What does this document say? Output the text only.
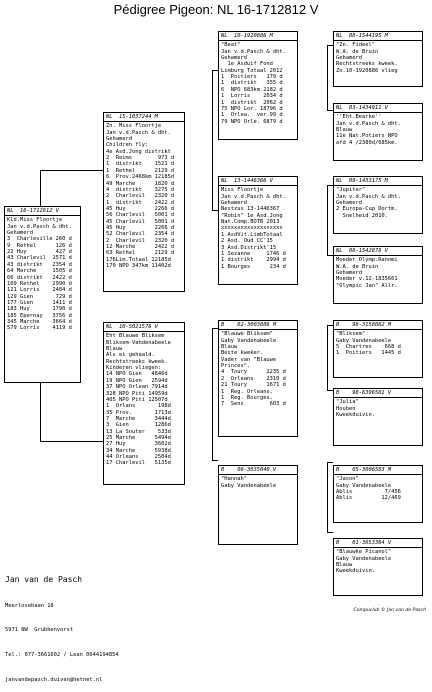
Pédigree Pigeon: NL 16-1712812 V
NL  16-1712812 V
Kld.Miss Floortje
Jan v.d.Pasch & dht.
Gehamerd
3  Charleville 260 d
9  Rethel      126 d
22 Huy         427 d
43 Charlevil  1571 d
43 distrikt   2354 d
64 Marche     1505 d
66 distrikt   2422 d
109 Rethel    2990 d
121 Lorris    2404 d
129 Gien       729 d
177 Gien      1411 d
183 Huy       1790 d
185 Epernay   3756 d
345 Marche    3664 d
579 Lorris    4119 d
NL  15-1037244 M
Zn. Miss Floortje
Jan v.d.Pasch & dht.
Gehamerd
Children fly:
4e Asd.Jong distrikt
2  Reims        973 d
1  distrikt    1521 d
1  Rethel      2129 d
6  Prov.2468km 12185d
49 Marche      1820 d
4  distrikt    3275 d
2  Charlevil   2320 d
1  distrikt    2422 d
45 Huy         2266 d
56 Charlevil   5001 d
45 Charlevil   5001 d
45 Huy         2266 d
52 Charlevil   2354 d
2  Charlevil   2320 d
12 Marche      2422 d
63 Rethel      2129 d
176Lim.Totaal 12185d
170 NPO 347km 11402d
NL  10-5021576 V
Eht Blauwe Bliksem
Bliksem-Vandenabeele
Blauw
Als ei gehaald.
Rechtstreeks kweek.
Kinderen vliegen:
14 NPO Gien   4846d
19 NPO Gien   2594d
37 NPO Orlean 7914d
328 NPO Piti 14959d
405 NPO Piti 12507d
1  Orlans       198d
35 Prov.       1713d
7  Marche      3444d
3  Gien        1286d
13 La Souter    533d
25 Marche      5494d
27 Huy         3602d
34 Marche      5938d
44 Orleans     2504d
17 Charlevil   5135d
NL  10-1920886 M
"Beat"
Jan v.d.Pasch & dht.
Gehamerd
1e Asduif Fond
Limburg Totaal 2012
1  Poitiers   179 d
1  distrikt   355 d
6  NPO 683km 2182 d
1  Lorris    2034 d
1  distrikt  2062 d
75 NPO Lor. 18796 d
1  Orlea.  ver.99 d
79 NPO Orle. 6879 d
NL  13-1446366 V
Miss Floortje
Jan v.d.Pasch & dht.
Gehamerd
Nestzus 13-1446367
"Robin" 1e Asd.Jong
Nat.Comp.BOTB 2013
xxxxxxxxxxxxxxxxxxx
1 AsdVit.LimbTotaal
2 Asd. Oud CC'15
3 Asd.Distrikt'15
1 Sezanne     1746 d
1 distrikt    2994 d
1 Bourges      234 d
B    02-3003886 M
"Blauwe Bliksem"
Gaby Vandenabeele
Blauw
Beste kweker.
Vader van "Blauwe
Princes".
4  Toury      2235 d
2  Orleans    2310 d
21 Toury      1671 d
1  Reg. Orleans.
1  Reg. Bourges.
7  Sens        603 d
B    08-3035040 V
"Hannah"
Gaby Vandenabeele
NL  08-1544195 M
"Zn. Fideel"
W.A. de Bruin
Gehamerd
Rechtstreeks kweek.
Zn.10-1920886 vlieg
NL  03-1434911 V
''Eht.Bearke''
Jan v.d.Pasch & dht.
Blauw
11e Nat.Potiers NPO
afd 4 /2380d/685km.
NL  09-1433175 M
"Jupiter"
Jan v.d.Pasch & dht.
Gehamerd
2 Europa-Cup Dortm.
Snelheid 2010.
NL  08-1542878 V
Moeder Olymp.Ranomi
W.A. de Bruin
Gehamerd
Moeder v.12-1835661
"Olympic Jan" Allr.
B    98-3158062 M
"Bliksem"
Gaby Vandenabeele
5  Chartres    668 d
1  Poitiers   1445 d
B    98-6396501 V
"Julia"
Houben
Kweekduivin.
B    05-3006503 M
"Jason"
Gaby Vandenabeele
Ablis          7/456
Ablis         12/469
B    01-3053364 V
"Blauwke Picanol"
Gaby Vandenabeele
Blauw
Kweekduivin.

Jan van de Pasch

Meerlosebaan 18

5971 NW  Grubbenvorst

Tel.: 077-3661602 / Lean 0644194854

janvandepasch.duiven@hetnet.nl

Compuclub © Jan van de Pasch
